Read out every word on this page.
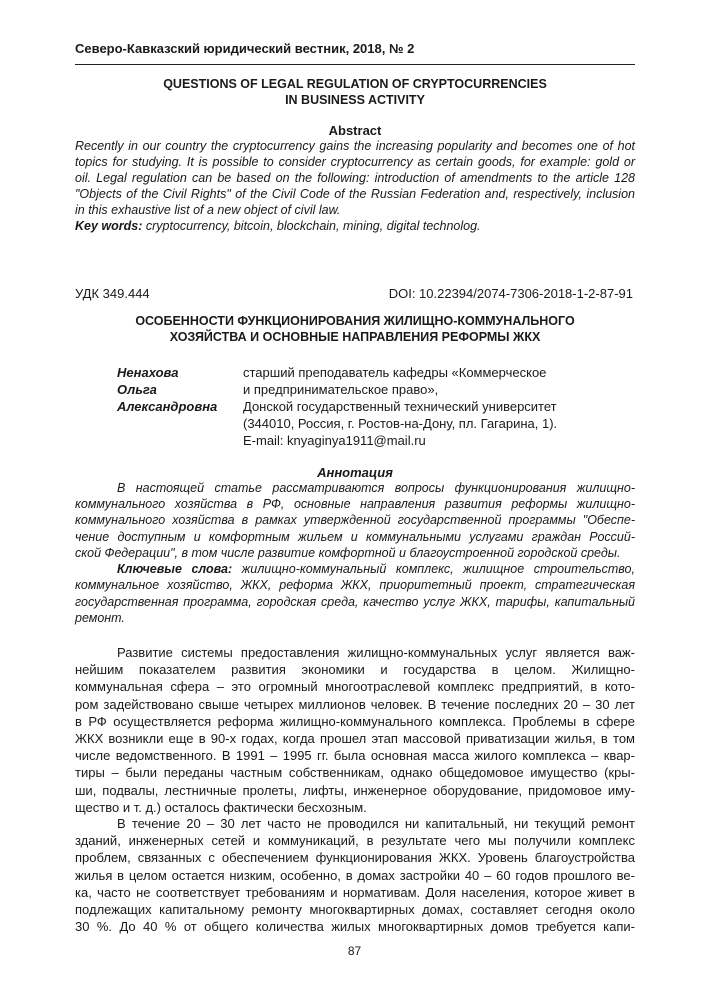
Северо-Кавказский юридический вестник, 2018, № 2
QUESTIONS OF LEGAL REGULATION OF CRYPTOCURRENCIES
IN BUSINESS ACTIVITY
Abstract
Recently in our country the cryptocurrency gains the increasing popularity and becomes one of hot
topics for studying. It is possible to consider cryptocurrency as certain goods, for example: gold or
oil. Legal regulation can be based on the following: introduction of amendments to the article 128
"Objects of the Civil Rights" of the Civil Code of the Russian Federation and, respectively, inclusion
in this exhaustive list of a new object of civil law.
Key words: cryptocurrency, bitcoin, blockchain, mining, digital technolog.
УДК 349.444	DOI: 10.22394/2074-7306-2018-1-2-87-91
ОСОБЕННОСТИ ФУНКЦИОНИРОВАНИЯ ЖИЛИЩНО-КОММУНАЛЬНОГО
ХОЗЯЙСТВА И ОСНОВНЫЕ НАПРАВЛЕНИЯ РЕФОРМЫ ЖКХ
Ненахова
Ольга
Александровна
старший преподаватель кафедры «Коммерческое
и предпринимательское право»,
Донской государственный технический университет
(344010, Россия, г. Ростов-на-Дону, пл. Гагарина, 1).
E-mail: knyaginya1911@mail.ru
Аннотация
В настоящей статье рассматриваются вопросы функционирования жилищно-
коммунального хозяйства в РФ, основные направления развития реформы жилищно-
коммунального хозяйства в рамках утвержденной государственной программы "Обеспе-
чение доступным и комфортным жильем и коммунальными услугами граждан Россий-
ской Федерации", в том числе развитие комфортной и благоустроенной городской среды.
Ключевые слова: жилищно-коммунальный комплекс, жилищное строительство,
коммунальное хозяйство, ЖКХ, реформа ЖКХ, приоритетный проект, стратегическая
государственная программа, городская среда, качество услуг ЖКХ, тарифы, капитальный
ремонт.
Развитие системы предоставления жилищно-коммунальных услуг является важ-
нейшим показателем развития экономики и государства в целом. Жилищно-
коммунальная сфера – это огромный многоотраслевой комплекс предприятий, в кото-
ром задействовано свыше четырех миллионов человек. В течение последних 20 – 30 лет
в РФ осуществляется реформа жилищно-коммунального комплекса. Проблемы в сфере
ЖКХ возникли еще в 90-х годах, когда прошел этап массовой приватизации жилья, в том
числе ведомственного. В 1991 – 1995 гг. была основная масса жилого комплекса – квар-
тиры – были переданы частным собственникам, однако общедомовое имущество (кры-
ши, подвалы, лестничные пролеты, лифты, инженерное оборудование, придомовое иму-
щество и т. д.) осталось фактически бесхозным.
В течение 20 – 30 лет часто не проводился ни капитальный, ни текущий ремонт
зданий, инженерных сетей и коммуникаций, в результате чего мы получили комплекс
проблем, связанных с обеспечением функционирования ЖКХ. Уровень благоустройства
жилья в целом остается низким, особенно, в домах застройки 40 – 60 годов прошлого ве-
ка, часто не соответствует требованиям и нормативам. Доля населения, которое живет в
подлежащих капитальному ремонту многоквартирных домах, составляет сегодня около
30 %. До 40 % от общего количества жилых многоквартирных домов требуется капи-
87
